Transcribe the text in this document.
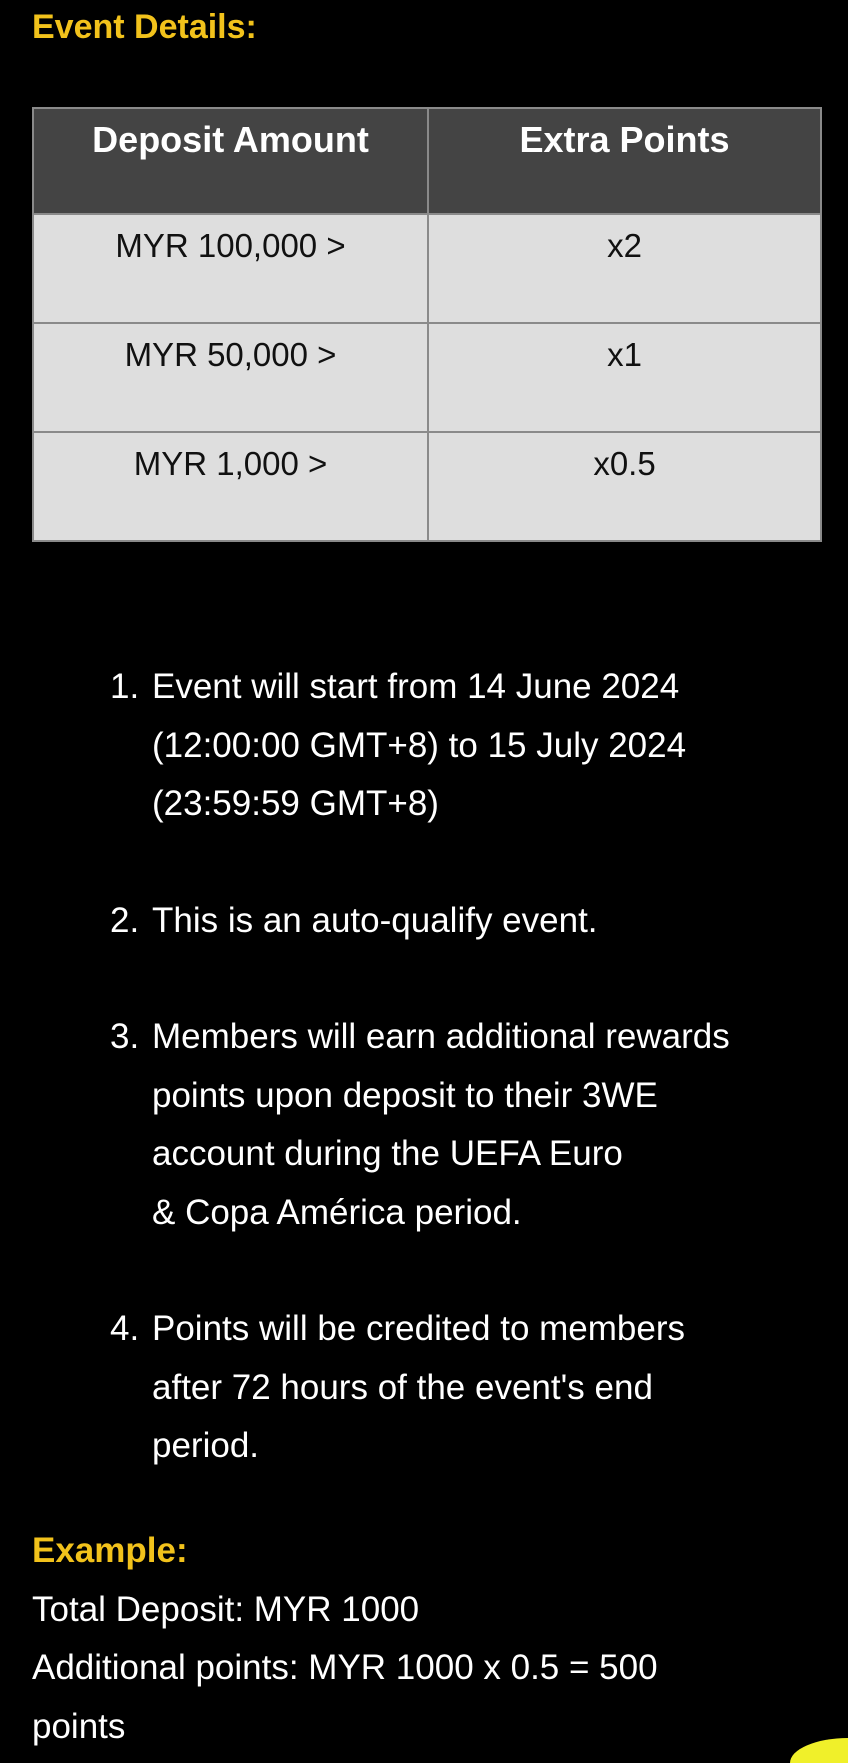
Event Details:
Deposit Amount	Extra Points
MYR 100,000 >	x2
MYR 50,000 >	x1
MYR 1,000 >	x0.5
1. Event will start from 14 June 2024
(12:00:00 GMT+8) to 15 July 2024
(23:59:59 GMT+8)
2. This is an auto-qualify event.
3. Members will earn additional rewards
points upon deposit to their 3WE
account during the UEFA Euro
& Copa América period.
4. Points will be credited to members
after 72 hours of the event's end
period.
Example:
Total Deposit: MYR 1000
Additional points: MYR 1000 x 0.5 = 500
points
